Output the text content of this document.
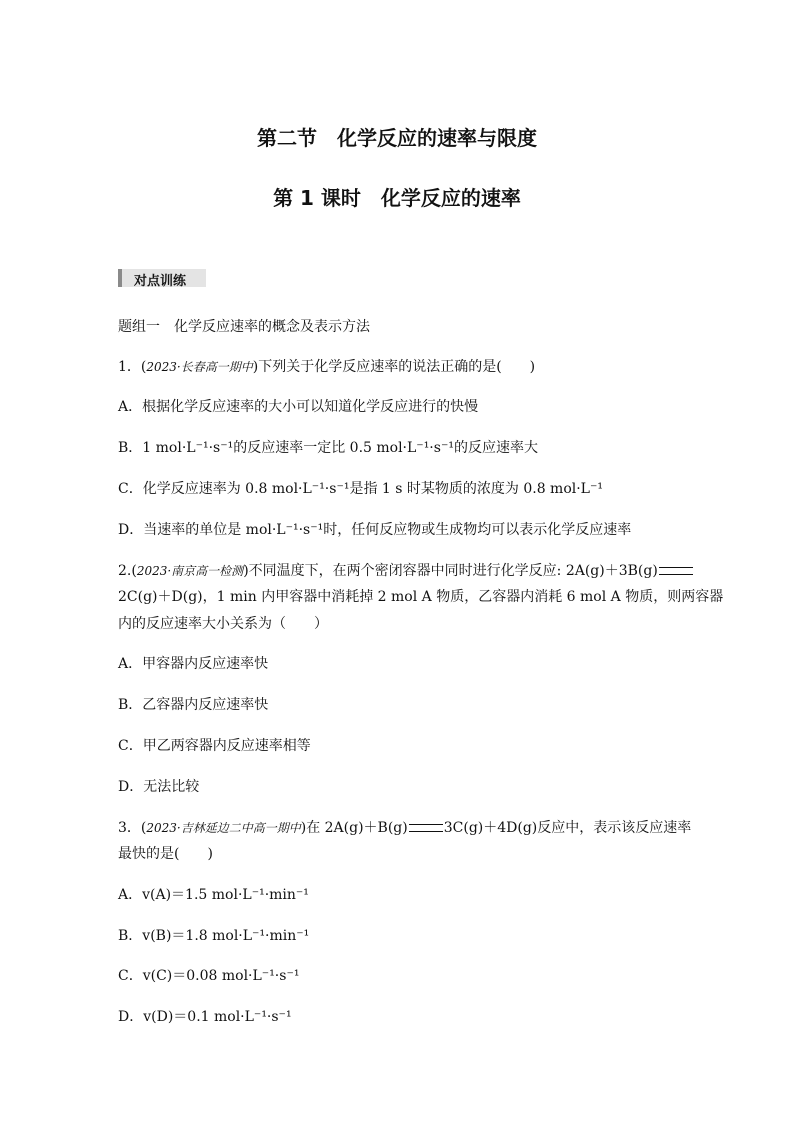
第二节　化学反应的速率与限度
第 1 课时　化学反应的速率
对点训练
题组一　化学反应速率的概念及表示方法
1．(2023·长春高一期中)下列关于化学反应速率的说法正确的是(　　)
A．根据化学反应速率的大小可以知道化学反应进行的快慢
B．1 mol·L⁻¹·s⁻¹的反应速率一定比 0.5 mol·L⁻¹·s⁻¹的反应速率大
C．化学反应速率为 0.8 mol·L⁻¹·s⁻¹是指 1 s 时某物质的浓度为 0.8 mol·L⁻¹
D．当速率的单位是 mol·L⁻¹·s⁻¹时，任何反应物或生成物均可以表示化学反应速率
2.(2023·南京高一检测)不同温度下，在两个密闭容器中同时进行化学反应: 2A(g)＋3B(g)
2C(g)＋D(g)，1 min 内甲容器中消耗掉 2 mol A 物质，乙容器内消耗 6 mol A 物质，则两容器
内的反应速率大小关系为（　　）
A．甲容器内反应速率快
B．乙容器内反应速率快
C．甲乙两容器内反应速率相等
D．无法比较
3．(2023·吉林延边二中高一期中)在 2A(g)＋B(g)	3C(g)＋4D(g)反应中，表示该反应速率
最快的是(　　)
A．v(A)＝1.5 mol·L⁻¹·min⁻¹
B．v(B)＝1.8 mol·L⁻¹·min⁻¹
C．v(C)＝0.08 mol·L⁻¹·s⁻¹
D．v(D)＝0.1 mol·L⁻¹·s⁻¹
